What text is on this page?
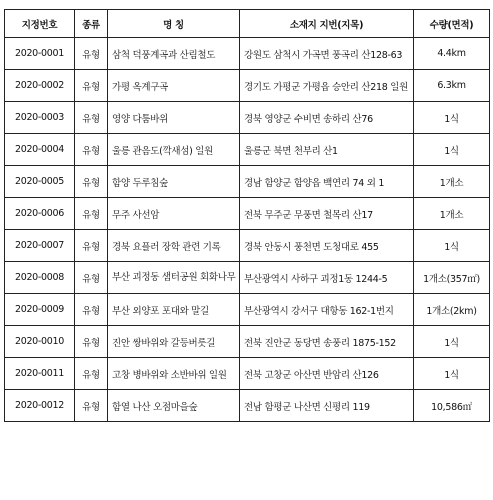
지정번호	종류	명 칭	소재지 지번(지목)	수량(면적)
2020-0001	유형	삼척 덕풍계곡과 산림철도	강원도 삼척시 가곡면 풍곡리 산128-63	4.4km
2020-0002	유형	가평 옥계구곡	경기도 가평군 가평읍 승안리 산218 일원	6.3km
2020-0003	유형	영양 다툼바위	경북 영양군 수비면 송하리 산76	1식
2020-0004	유형	울릉 관음도(깍새섬) 일원	울릉군 북면 천부리 산1	1식
2020-0005	유형	함양 두루침숲	경남 함양군 함양읍 백연리 74 외 1	1개소
2020-0006	유형	무주 사선암	전북 무주군 무풍면 철목리 산17	1개소
2020-0007	유형	경북 요플러 장학 관련 기록	경북 안동시 풍천면 도청대로 455	1식
2020-0008	유형	부산 괴정동 샘터공원 회화나무	부산광역시 사하구 괴정1동 1244-5	1개소(357㎡)
2020-0009	유형	부산 외양포 포대와 말길	부산광역시 강서구 대항동 162-1번지	1개소(2km)
2020-0010	유형	진안 쌍바위와 갈등버릇길	전북 진안군 동당면 송풍리 1875-152	1식
2020-0011	유형	고창 병바위와 소반바위 일원	전북 고창군 아산면 반암리 산126	1식
2020-0012	유형	함열 나산 오점마을숲	전남 함평군 나산면 신평리 119	10,586㎡
